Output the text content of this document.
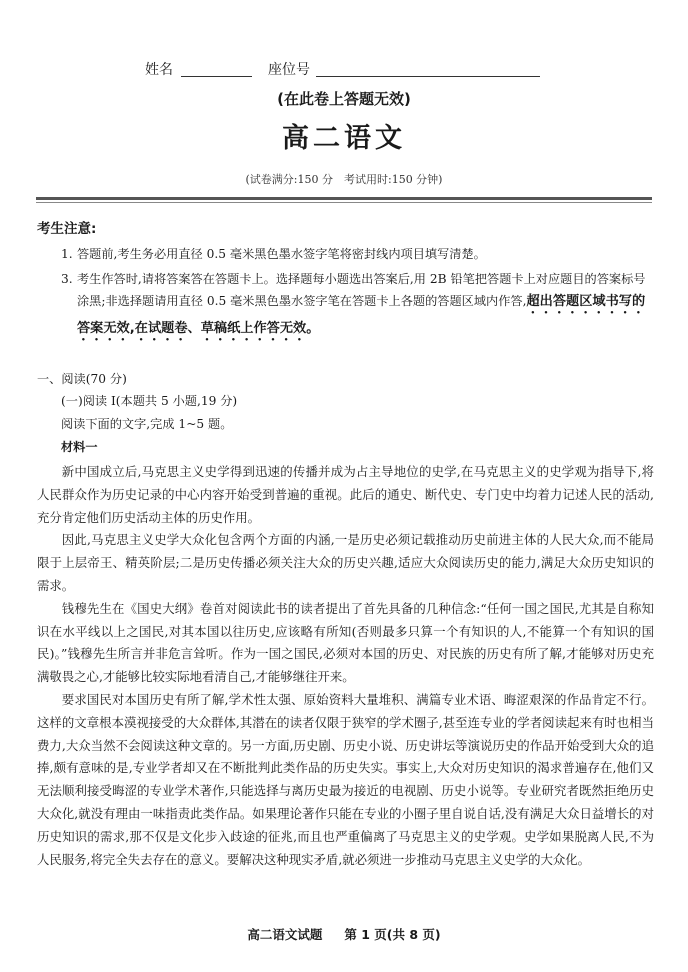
姓名	座位号
(在此卷上答题无效)
高二语文
(试卷满分:150 分　考试用时:150 分钟)
考生注意:
1. 答题前,考生务必用直径 0.5 毫米黑色墨水签字笔将密封线内项目填写清楚。
3. 考生作答时,请将答案答在答题卡上。选择题每小题选出答案后,用 2B 铅笔把答题卡上对应题目的答案标号涂黑;非选择题请用直径 0.5 毫米黑色墨水签字笔在答题卡上各题的答题区域内作答,超出答题区域书写的答案无效,在试题卷、草稿纸上作答无效。
一、阅读(70 分)
(一)阅读 I(本题共 5 小题,19 分)
阅读下面的文字,完成 1~5 题。
材料一

新中国成立后,马克思主义史学得到迅速的传播并成为占主导地位的史学,在马克思主义的史学观为指导下,将人民群众作为历史记录的中心内容开始受到普遍的重视。此后的通史、断代史、专门史中均着力记述人民的活动,充分肯定他们历史活动主体的历史作用。

因此,马克思主义史学大众化包含两个方面的内涵,一是历史必须记载推动历史前进主体的人民大众,而不能局限于上层帝王、精英阶层;二是历史传播必须关注大众的历史兴趣,适应大众阅读历史的能力,满足大众历史知识的需求。

钱穆先生在《国史大纲》卷首对阅读此书的读者提出了首先具备的几种信念:“任何一国之国民,尤其是自称知识在水平线以上之国民,对其本国以往历史,应该略有所知(否则最多只算一个有知识的人,不能算一个有知识的国民)。”钱穆先生所言并非危言耸听。作为一国之国民,必须对本国的历史、对民族的历史有所了解,才能够对历史充满敬畏之心,才能够比较实际地看清自己,才能够继往开来。

要求国民对本国历史有所了解,学术性太强、原始资料大量堆积、满篇专业术语、晦涩艰深的作品肯定不行。这样的文章根本漠视接受的大众群体,其潜在的读者仅限于狭窄的学术圈子,甚至连专业的学者阅读起来有时也相当费力,大众当然不会阅读这种文章的。另一方面,历史剧、历史小说、历史讲坛等演说历史的作品开始受到大众的追捧,颇有意味的是,专业学者却又在不断批判此类作品的历史失实。事实上,大众对历史知识的渴求普遍存在,他们又无法顺利接受晦涩的专业学术著作,只能选择与离历史最为接近的电视剧、历史小说等。专业研究者既然拒绝历史大众化,就没有理由一味指责此类作品。如果理论著作只能在专业的小圈子里自说自话,没有满足大众日益增长的对历史知识的需求,那不仅是文化步入歧途的征兆,而且也严重偏离了马克思主义的史学观。史学如果脱离人民,不为人民服务,将完全失去存在的意义。要解决这种现实矛盾,就必须进一步推动马克思主义史学的大众化。

高二语文试题 第 1 页(共 8 页)
